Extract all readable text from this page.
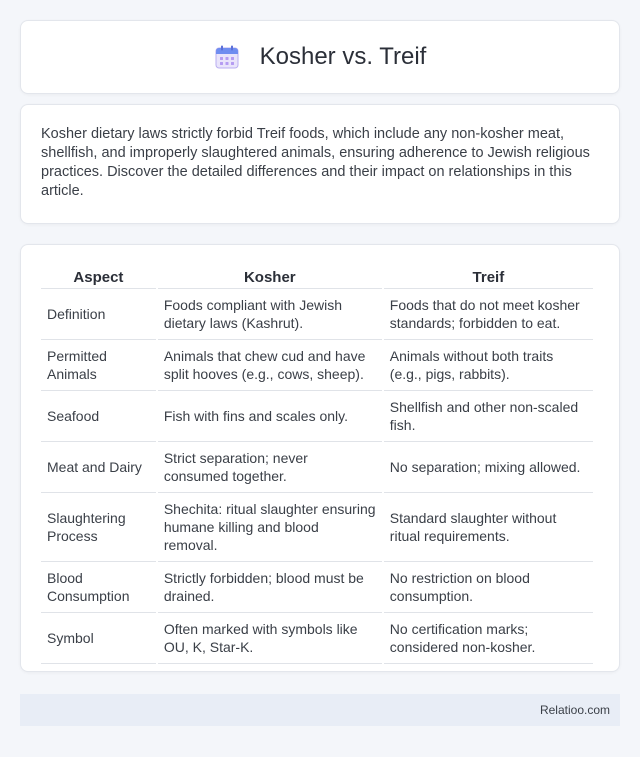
Kosher vs. Treif

Kosher dietary laws strictly forbid Treif foods, which include any non-kosher meat, shellfish, and improperly slaughtered animals, ensuring adherence to Jewish religious practices. Discover the detailed differences and their impact on relationships in this article.

Aspect	Kosher	Treif
Definition	Foods compliant with Jewish dietary laws (Kashrut).	Foods that do not meet kosher standards; forbidden to eat.
Permitted Animals	Animals that chew cud and have split hooves (e.g., cows, sheep).	Animals without both traits (e.g., pigs, rabbits).
Seafood	Fish with fins and scales only.	Shellfish and other non-scaled fish.
Meat and Dairy	Strict separation; never consumed together.	No separation; mixing allowed.
Slaughtering Process	Shechita: ritual slaughter ensuring humane killing and blood removal.	Standard slaughter without ritual requirements.
Blood Consumption	Strictly forbidden; blood must be drained.	No restriction on blood consumption.
Symbol	Often marked with symbols like OU, K, Star-K.	No certification marks; considered non-kosher.
Relatioo.com
